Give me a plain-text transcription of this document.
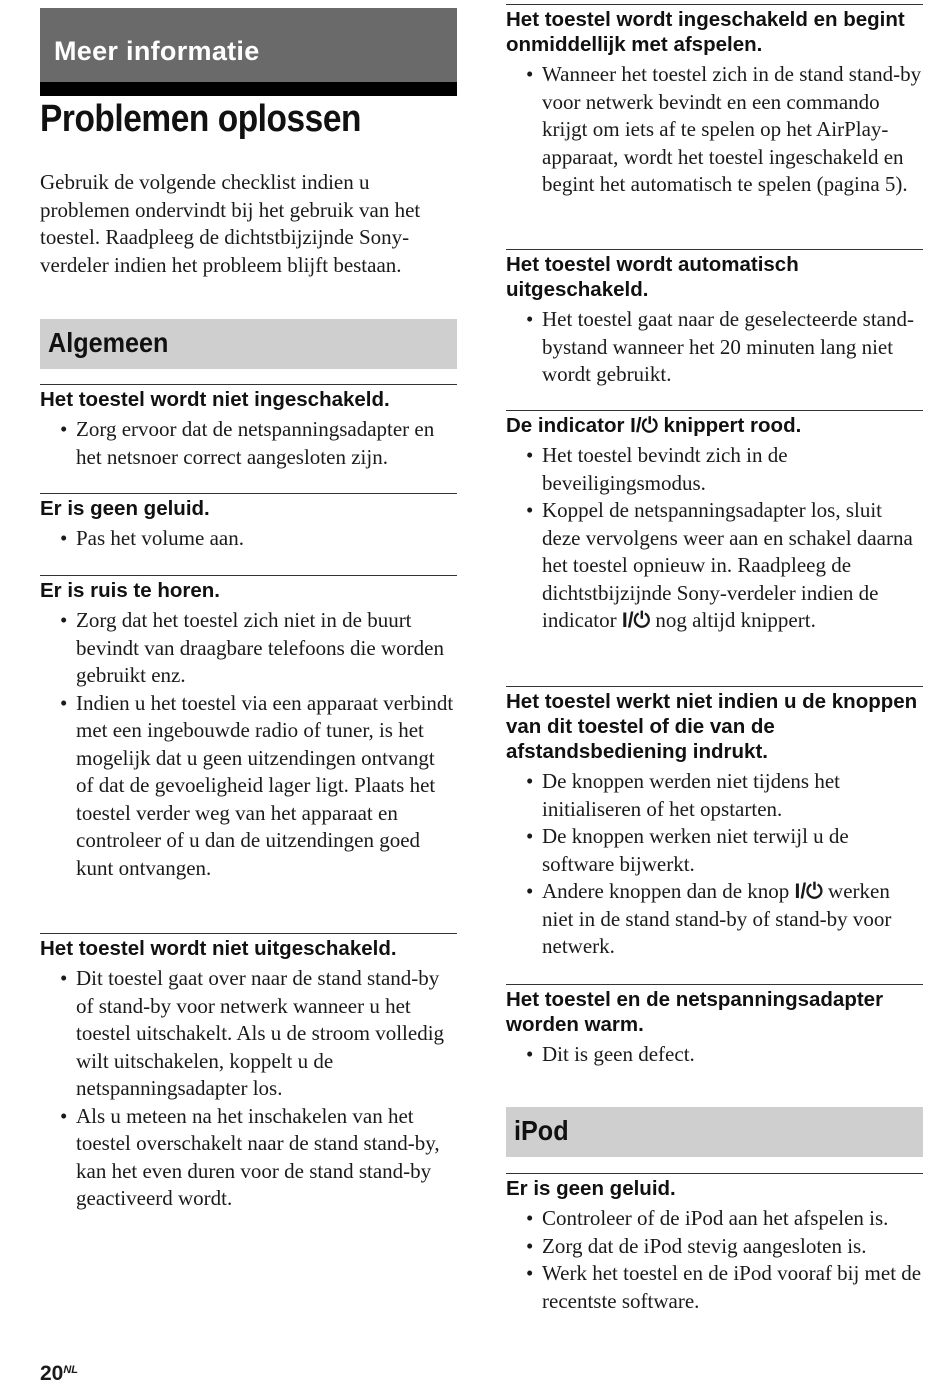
Meer informatie
Problemen oplossen

Gebruik de volgende checklist indien u problemen ondervindt bij het gebruik van het toestel. Raadpleeg de dichtstbijzijnde Sony-verdeler indien het probleem blijft bestaan.

Algemeen
Het toestel wordt niet ingeschakeld.
• Zorg ervoor dat de netspanningsadapter en het netsnoer correct aangesloten zijn.
Er is geen geluid.
• Pas het volume aan.
Er is ruis te horen.
• Zorg dat het toestel zich niet in de buurt bevindt van draagbare telefoons die worden gebruikt enz.
• Indien u het toestel via een apparaat verbindt met een ingebouwde radio of tuner, is het mogelijk dat u geen uitzendingen ontvangt of dat de gevoeligheid lager ligt. Plaats het toestel verder weg van het apparaat en controleer of u dan de uitzendingen goed kunt ontvangen.
Het toestel wordt niet uitgeschakeld.
• Dit toestel gaat over naar de stand stand-by of stand-by voor netwerk wanneer u het toestel uitschakelt. Als u de stroom volledig wilt uitschakelen, koppelt u de netspanningsadapter los.
• Als u meteen na het inschakelen van het toestel overschakelt naar de stand stand-by, kan het even duren voor de stand stand-by geactiveerd wordt.
Het toestel wordt ingeschakeld en begint onmiddellijk met afspelen.
• Wanneer het toestel zich in de stand stand-by voor netwerk bevindt en een commando krijgt om iets af te spelen op het AirPlay-apparaat, wordt het toestel ingeschakeld en begint het automatisch te spelen (pagina 5).
Het toestel wordt automatisch uitgeschakeld.
• Het toestel gaat naar de geselecteerde stand-bystand wanneer het 20 minuten lang niet wordt gebruikt.
De indicator I/⏻ knippert rood.
• Het toestel bevindt zich in de beveiligingsmodus.
• Koppel de netspanningsadapter los, sluit deze vervolgens weer aan en schakel daarna het toestel opnieuw in. Raadpleeg de dichtstbijzijnde Sony-verdeler indien de indicator I/⏻ nog altijd knippert.
Het toestel werkt niet indien u de knoppen van dit toestel of die van de afstandsbediening indrukt.
• De knoppen werden niet tijdens het initialiseren of het opstarten.
• De knoppen werken niet terwijl u de software bijwerkt.
• Andere knoppen dan de knop I/⏻ werken niet in de stand stand-by of stand-by voor netwerk.
Het toestel en de netspanningsadapter worden warm.
• Dit is geen defect.
iPod
Er is geen geluid.
• Controleer of de iPod aan het afspelen is.
• Zorg dat de iPod stevig aangesloten is.
• Werk het toestel en de iPod vooraf bij met de recentste software.
$20^{NL}$
